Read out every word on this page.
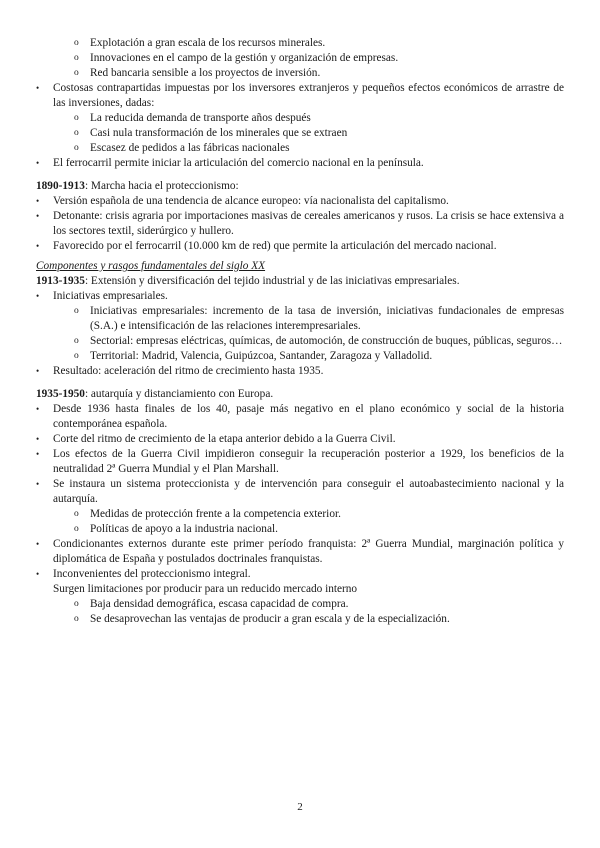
o Explotación a gran escala de los recursos minerales.
o Innovaciones en el campo de la gestión y organización de empresas.
o Red bancaria sensible a los proyectos de inversión.
• Costosas contrapartidas impuestas por los inversores extranjeros y pequeños efectos económicos de arrastre de las inversiones, dadas:
o La reducida demanda de transporte años después
o Casi nula transformación de los minerales que se extraen
o Escasez de pedidos a las fábricas nacionales
• El ferrocarril permite iniciar la articulación del comercio nacional en la península.
1890-1913: Marcha hacia el proteccionismo:
• Versión española de una tendencia de alcance europeo: vía nacionalista del capitalismo.
• Detonante: crisis agraria por importaciones masivas de cereales americanos y rusos. La crisis se hace extensiva a los sectores textil, siderúrgico y hullero.
• Favorecido por el ferrocarril (10.000 km de red) que permite la articulación del mercado nacional.
Componentes y rasgos fundamentales del siglo XX
1913-1935: Extensión y diversificación del tejido industrial y de las iniciativas empresariales.
• Iniciativas empresariales.
o Iniciativas empresariales: incremento de la tasa de inversión, iniciativas fundacionales de empresas (S.A.) e intensificación de las relaciones interempresariales.
o Sectorial: empresas eléctricas, químicas, de automoción, de construcción de buques, públicas, seguros…
o Territorial: Madrid, Valencia, Guipúzcoa, Santander, Zaragoza y Valladolid.
• Resultado: aceleración del ritmo de crecimiento hasta 1935.
1935-1950: autarquía y distanciamiento con Europa.
• Desde 1936 hasta finales de los 40, pasaje más negativo en el plano económico y social de la historia contemporánea española.
• Corte del ritmo de crecimiento de la etapa anterior debido a la Guerra Civil.
• Los efectos de la Guerra Civil impidieron conseguir la recuperación posterior a 1929, los beneficios de la neutralidad 2ª Guerra Mundial y el Plan Marshall.
• Se instaura un sistema proteccionista y de intervención para conseguir el autoabastecimiento nacional y la autarquía.
o Medidas de protección frente a la competencia exterior.
o Políticas de apoyo a la industria nacional.
• Condicionantes externos durante este primer período franquista: 2ª Guerra Mundial, marginación política y diplomática de España y postulados doctrinales franquistas.
• Inconvenientes del proteccionismo integral.
Surgen limitaciones por producir para un reducido mercado interno
o Baja densidad demográfica, escasa capacidad de compra.
o Se desaprovechan las ventajas de producir a gran escala y de la especialización.
2
